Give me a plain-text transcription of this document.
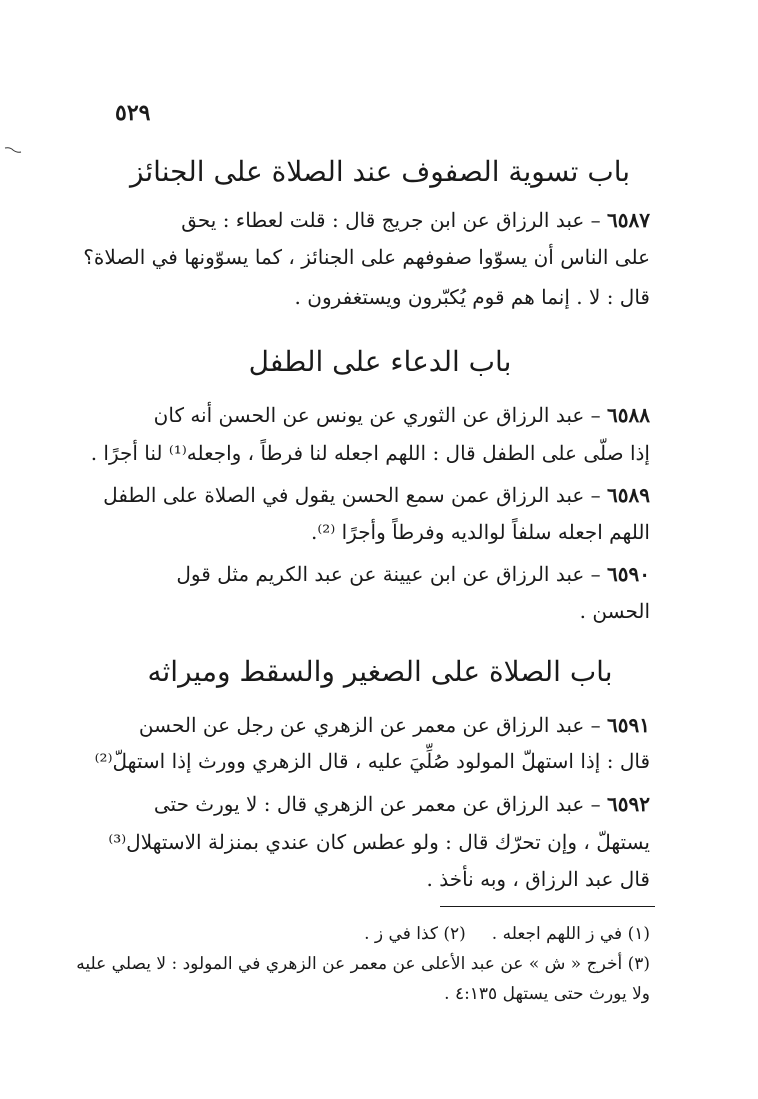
٥٢٩
باب تسوية الصفوف عند الصلاة على الجنائز
٦٥٨٧ – عبد الرزاق عن ابن جريج قال : قلت لعطاء : يحق
على الناس أن يسوّوا صفوفهم على الجنائز ، كما يسوّونها في الصلاة؟
قال : لا . إنما هم قوم يُكبّرون ويستغفرون .
باب الدعاء على الطفل
٦٥٨٨ – عبد الرزاق عن الثوري عن يونس عن الحسن أنه كان
إذا صلّى على الطفل قال : اللهم اجعله لنا فرطاً ، واجعله⁽¹⁾ لنا أجرًا .
٦٥٨٩ – عبد الرزاق عمن سمع الحسن يقول في الصلاة على الطفل
اللهم اجعله سلفاً لوالديه وفرطاً وأجرًا ⁽²⁾.
٦٥٩٠ – عبد الرزاق عن ابن عيينة عن عبد الكريم مثل قول
الحسن .
باب الصلاة على الصغير والسقط وميراثه
٦٥٩١ – عبد الرزاق عن معمر عن الزهري عن رجل عن الحسن
قال : إذا استهلّ المولود صُلِّيَ عليه ، قال الزهري وورث إذا استهلّ⁽²⁾
٦٥٩٢ – عبد الرزاق عن معمر عن الزهري قال : لا يورث حتى
يستهلّ ، وإن تحرّك قال : ولو عطس كان عندي بمنزلة الاستهلال⁽³⁾
قال عبد الرزاق ، وبه نأخذ .
(١) في ز اللهم اجعله .(٢) كذا في ز .
(٣) أخرج « ش » عن عبد الأعلى عن معمر عن الزهري في المولود : لا يصلي عليه
ولا يورث حتى يستهل ٤:١٣٥ .
